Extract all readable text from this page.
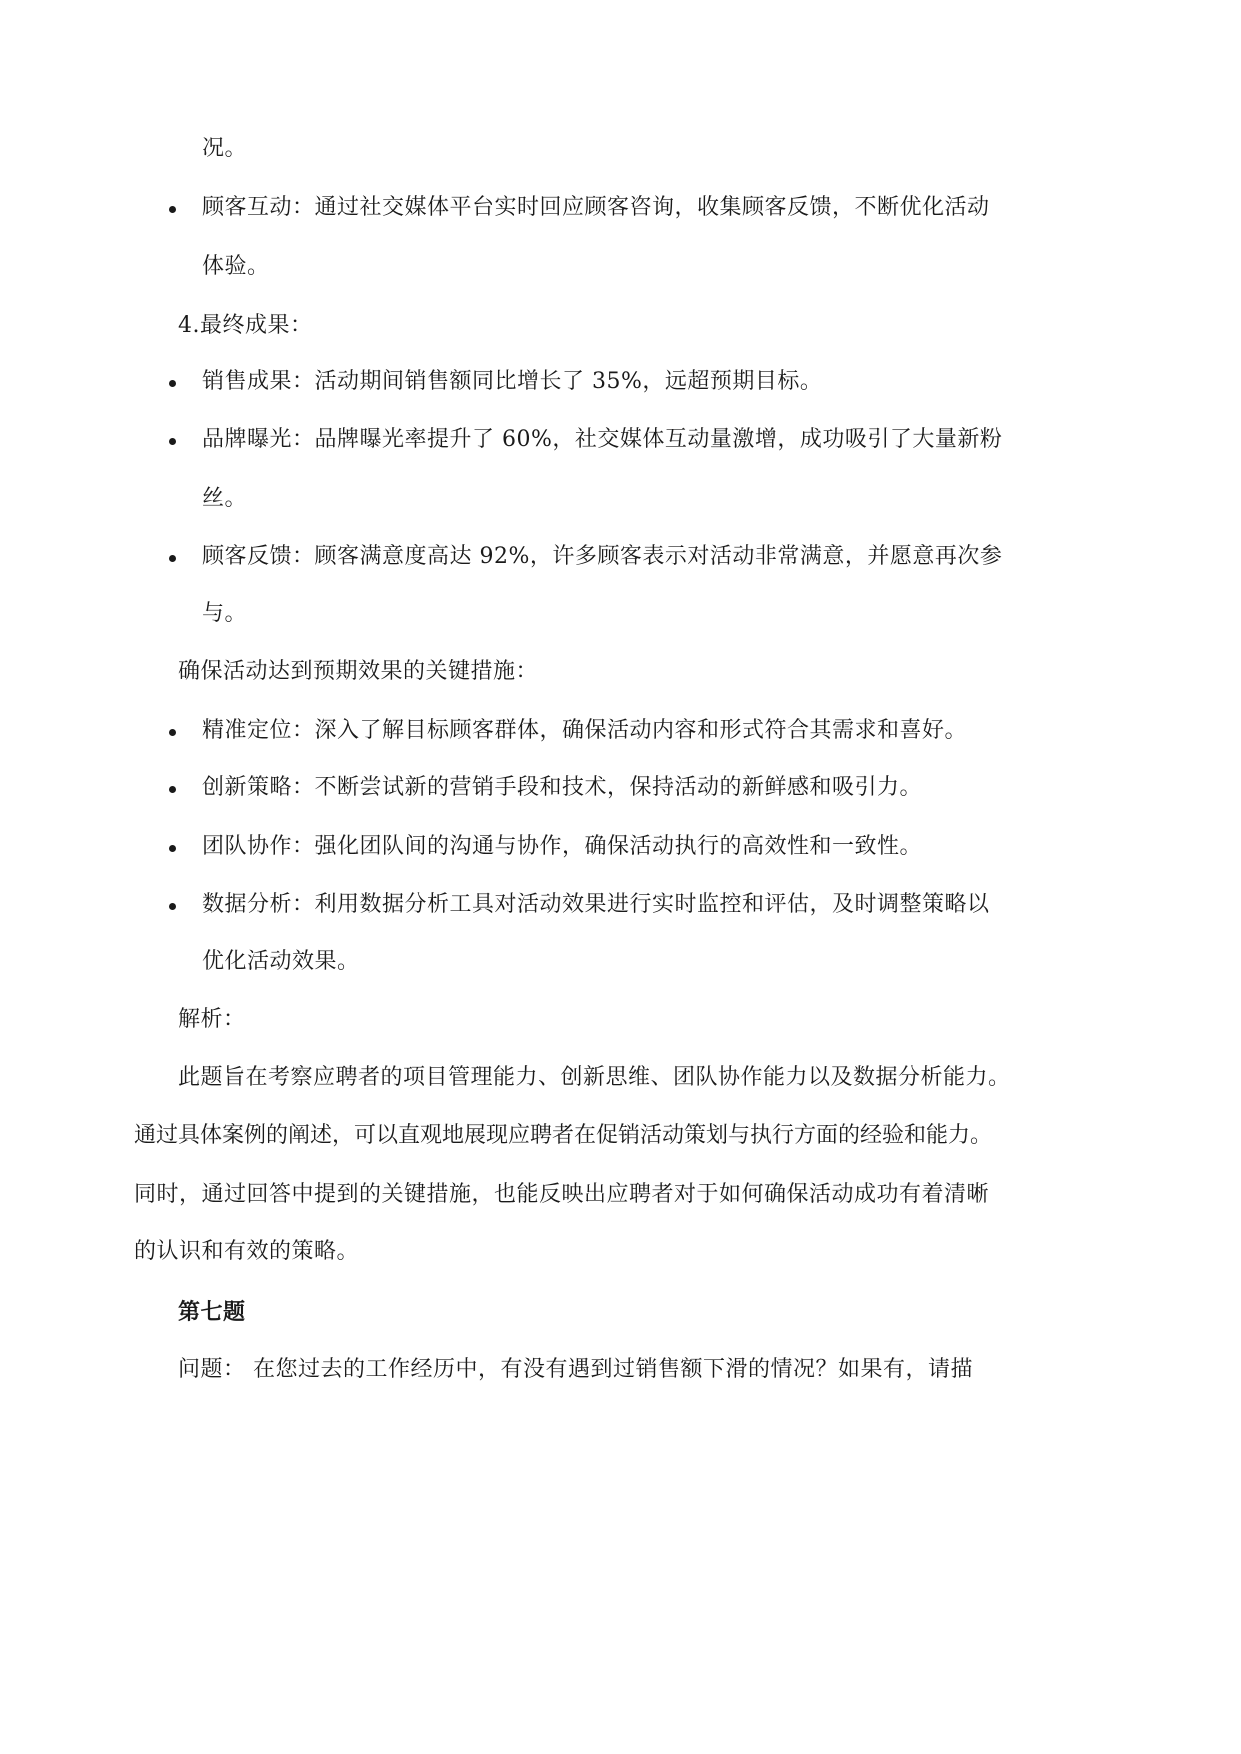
况。
顾客互动：通过社交媒体平台实时回应顾客咨询，收集顾客反馈，不断优化活动
体验。
4.最终成果：
销售成果：活动期间销售额同比增长了 35%，远超预期目标。
品牌曝光：品牌曝光率提升了 60%，社交媒体互动量激增，成功吸引了大量新粉
丝。
顾客反馈：顾客满意度高达 92%，许多顾客表示对活动非常满意，并愿意再次参
与。
确保活动达到预期效果的关键措施：
精准定位：深入了解目标顾客群体，确保活动内容和形式符合其需求和喜好。
创新策略：不断尝试新的营销手段和技术，保持活动的新鲜感和吸引力。
团队协作：强化团队间的沟通与协作，确保活动执行的高效性和一致性。
数据分析：利用数据分析工具对活动效果进行实时监控和评估，及时调整策略以
优化活动效果。
解析：
此题旨在考察应聘者的项目管理能力、创新思维、团队协作能力以及数据分析能力。
通过具体案例的阐述，可以直观地展现应聘者在促销活动策划与执行方面的经验和能力。
同时，通过回答中提到的关键措施，也能反映出应聘者对于如何确保活动成功有着清晰
的认识和有效的策略。
第七题
问题： 在您过去的工作经历中，有没有遇到过销售额下滑的情况？如果有，请描
